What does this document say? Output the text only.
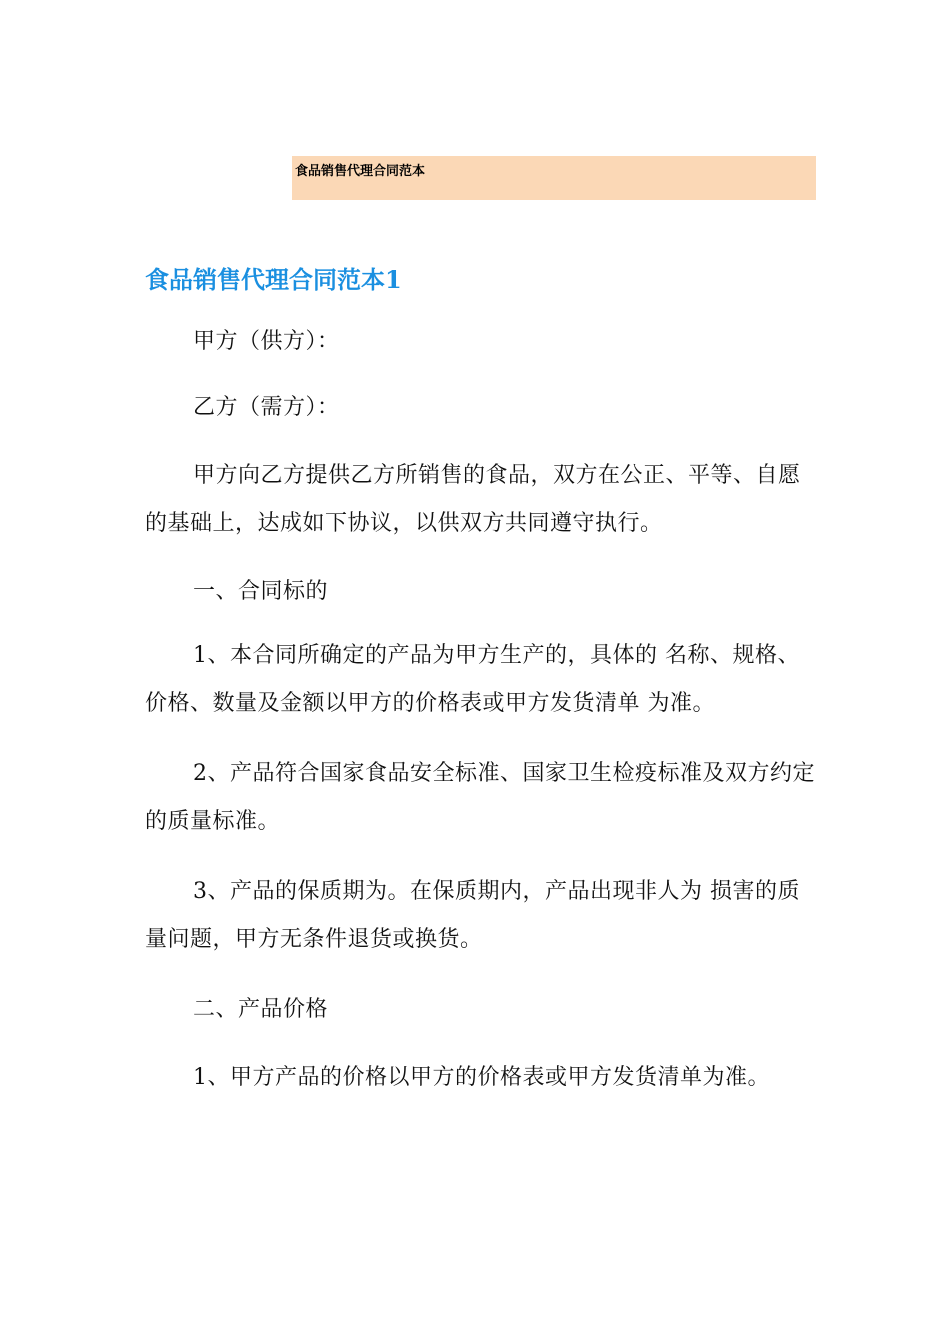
食品销售代理合同范本
食品销售代理合同范本1

甲方（供方）：

乙方（需方）：

甲方向乙方提供乙方所销售的食品，双方在公正、平等、自愿的基础上，达成如下协议，以供双方共同遵守执行。

一、合同标的

1、本合同所确定的产品为甲方生产的，具体的 名称、规格、价格、数量及金额以甲方的价格表或甲方发货清单 为准。

2、产品符合国家食品安全标准、国家卫生检疫标准及双方约定的质量标准。

3、产品的保质期为。在保质期内，产品出现非人为 损害的质量问题，甲方无条件退货或换货。

二、产品价格

1、甲方产品的价格以甲方的价格表或甲方发货清单为准。
